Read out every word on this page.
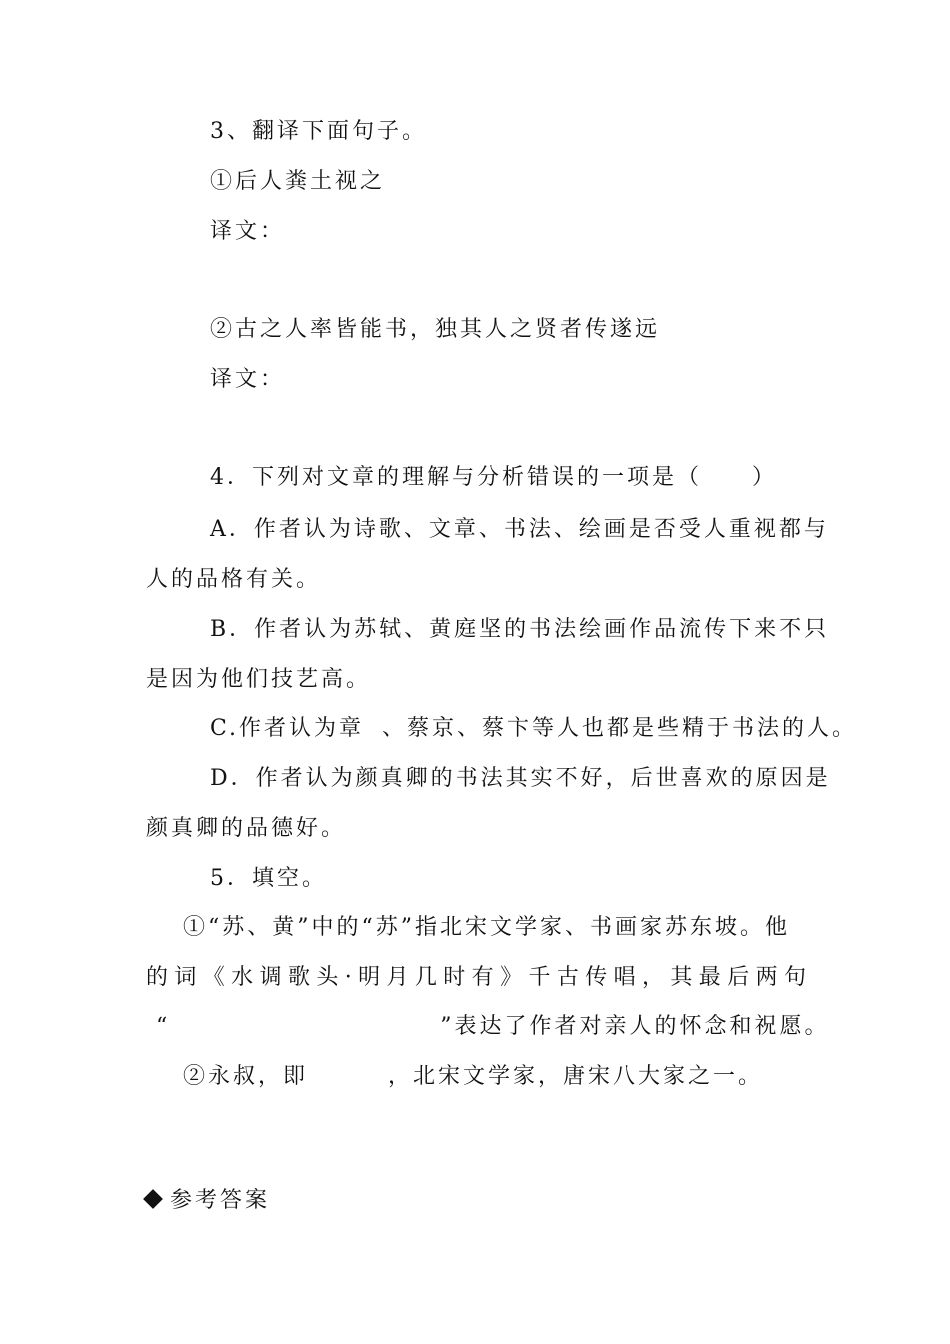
3、翻译下面句子。
①后人粪土视之
译文：
②古之人率皆能书，独其人之贤者传遂远
译文：
4．下列对文章的理解与分析错误的一项是（　　）
A．作者认为诗歌、文章、书法、绘画是否受人重视都与
人的品格有关。
B．作者认为苏轼、黄庭坚的书法绘画作品流传下来不只
是因为他们技艺高。
C.作者认为章 、蔡京、蔡卞等人也都是些精于书法的人。
D．作者认为颜真卿的书法其实不好，后世喜欢的原因是
颜真卿的品德好。
5．填空。
①“苏、黄”中的“苏”指北宋文学家、书画家苏东坡。他
的 词 《 水 调 歌 头 · 明 月 几 时 有 》 千 古 传 唱 ， 其 最 后 两 句
“	”表达了作者对亲人的怀念和祝愿。
②永叔，即	，北宋文学家，唐宋八大家之一。
参考答案
